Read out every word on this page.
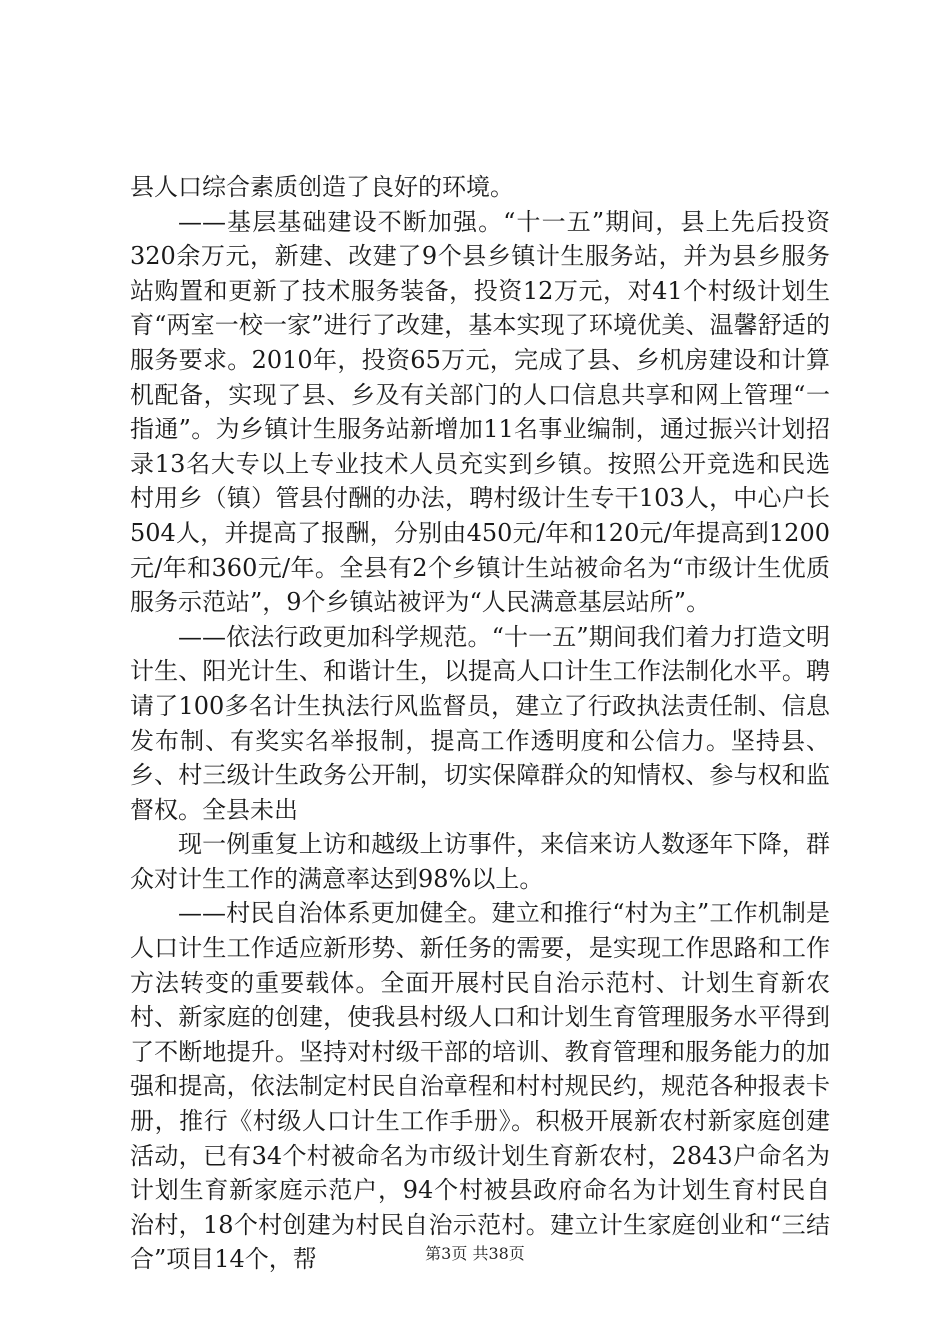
县人口综合素质创造了良好的环境。

——基层基础建设不断加强。“十一五”期间，县上先后投资320余万元，新建、改建了9个县乡镇计生服务站，并为县乡服务站购置和更新了技术服务装备，投资12万元，对41个村级计划生育“两室一校一家”进行了改建，基本实现了环境优美、温馨舒适的服务要求。2010年，投资65万元，完成了县、乡机房建设和计算机配备，实现了县、乡及有关部门的人口信息共享和网上管理“一指通”。为乡镇计生服务站新增加11名事业编制，通过振兴计划招录13名大专以上专业技术人员充实到乡镇。按照公开竞选和民选村用乡（镇）管县付酬的办法，聘村级计生专干103人，中心户长504人，并提高了报酬，分别由450元/年和120元/年提高到1200元/年和360元/年。全县有2个乡镇计生站被命名为“市级计生优质服务示范站”，9个乡镇站被评为“人民满意基层站所”。

——依法行政更加科学规范。“十一五”期间我们着力打造文明计生、阳光计生、和谐计生，以提高人口计生工作法制化水平。聘请了100多名计生执法行风监督员，建立了行政执法责任制、信息发布制、有奖实名举报制，提高工作透明度和公信力。坚持县、乡、村三级计生政务公开制，切实保障群众的知情权、参与权和监督权。全县未出

现一例重复上访和越级上访事件，来信来访人数逐年下降，群众对计生工作的满意率达到98%以上。

——村民自治体系更加健全。建立和推行“村为主”工作机制是人口计生工作适应新形势、新任务的需要，是实现工作思路和工作方法转变的重要载体。全面开展村民自治示范村、计划生育新农村、新家庭的创建，使我县村级人口和计划生育管理服务水平得到了不断地提升。坚持对村级干部的培训、教育管理和服务能力的加强和提高，依法制定村民自治章程和村村规民约，规范各种报表卡册，推行《村级人口计生工作手册》。积极开展新农村新家庭创建活动，已有34个村被命名为市级计划生育新农村，2843户命名为计划生育新家庭示范户，94个村被县政府命名为计划生育村民自治村，18个村创建为村民自治示范村。建立计生家庭创业和“三结合”项目14个，帮	第3页 共38页
